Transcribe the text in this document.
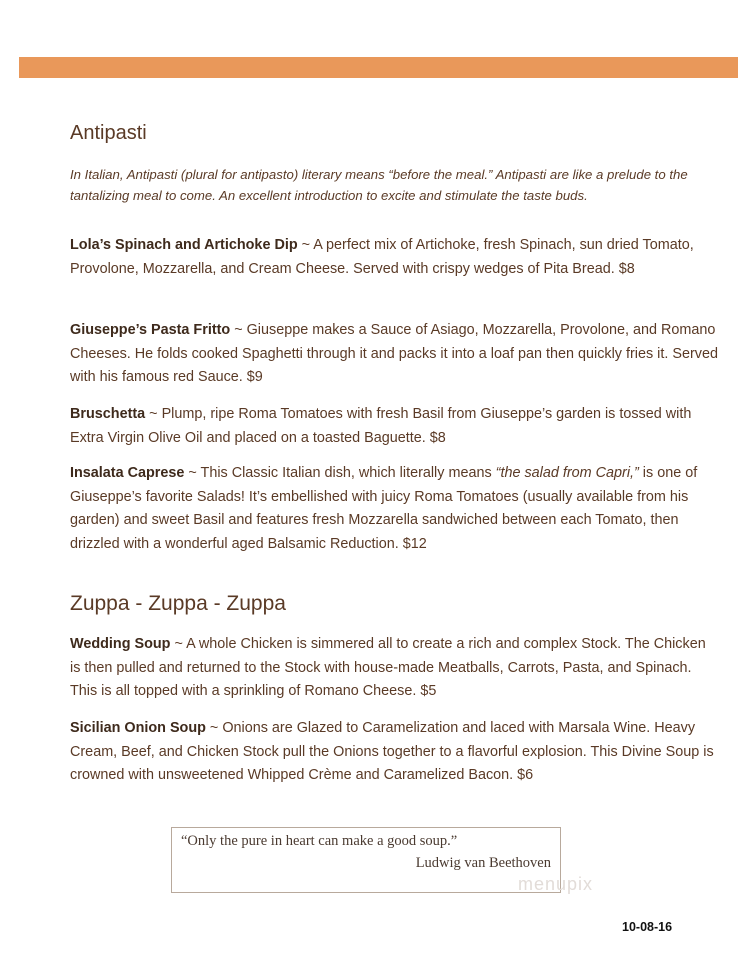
Antipasti
In Italian, Antipasti (plural for antipasto) literary means “before the meal.” Antipasti are like a prelude to the tantalizing meal to come. An excellent introduction to excite and stimulate the taste buds.
Lola’s Spinach and Artichoke Dip ~ A perfect mix of Artichoke, fresh Spinach, sun dried Tomato, Provolone, Mozzarella, and Cream Cheese. Served with crispy wedges of Pita Bread. $8
Giuseppe’s Pasta Fritto ~ Giuseppe makes a Sauce of Asiago, Mozzarella, Provolone, and Romano Cheeses. He folds cooked Spaghetti through it and packs it into a loaf pan then quickly fries it. Served with his famous red Sauce. $9
Bruschetta ~ Plump, ripe Roma Tomatoes with fresh Basil from Giuseppe’s garden is tossed with Extra Virgin Olive Oil and placed on a toasted Baguette. $8
Insalata Caprese ~ This Classic Italian dish, which literally means “the salad from Capri,” is one of Giuseppe’s favorite Salads! It’s embellished with juicy Roma Tomatoes (usually available from his garden) and sweet Basil and features fresh Mozzarella sandwiched between each Tomato, then drizzled with a wonderful aged Balsamic Reduction. $12
Zuppa - Zuppa - Zuppa
Wedding Soup ~ A whole Chicken is simmered all to create a rich and complex Stock. The Chicken is then pulled and returned to the Stock with house-made Meatballs, Carrots, Pasta, and Spinach. This is all topped with a sprinkling of Romano Cheese. $5
Sicilian Onion Soup ~ Onions are Glazed to Caramelization and laced with Marsala Wine. Heavy Cream, Beef, and Chicken Stock pull the Onions together to a flavorful explosion. This Divine Soup is crowned with unsweetened Whipped Crème and Caramelized Bacon. $6
“Only the pure in heart can make a good soup.”
Ludwig van Beethoven
menupix
10-08-16
